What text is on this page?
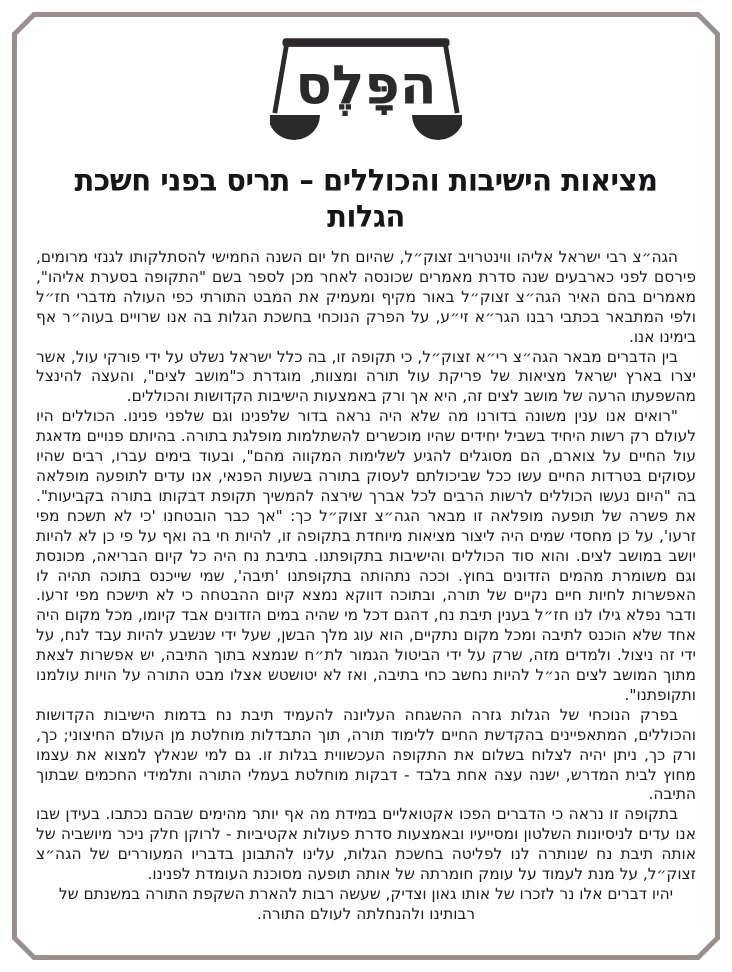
הפָּלֶס
מציאות הישיבות והכוללים – תריס בפני חשכת הגלות

הגה״צ רבי ישראל אליהו ווינטרויב זצוק״ל, שהיום חל יום השנה החמישי להסתלקותו לגנזי מרומים, פירסם לפני כארבעים שנה סדרת מאמרים שכונסה לאחר מכן לספר בשם "התקופה בסערת אליהו", מאמרים בהם האיר הגה״צ זצוק״ל באור מקיף ומעמיק את המבט התורתי כפי העולה מדברי חז״ל ולפי המתבאר בכתבי רבנו הגר״א זי״ע, על הפרק הנוכחי בחשכת הגלות בה אנו שרויים בעוה״ר אף בימינו אנו.

בין הדברים מבאר הגה״צ רי״א זצוק״ל, כי תקופה זו, בה כלל ישראל נשלט על ידי פורקי עול, אשר יצרו בארץ ישראל מציאות של פריקת עול תורה ומצוות, מוגדרת כ"מושב לצים", והעצה להינצל מהשפעתו הרעה של מושב לצים זה, היא אך ורק באמצעות הישיבות הקדושות והכוללים.

"רואים אנו ענין משונה בדורנו מה שלא היה נראה בדור שלפנינו וגם שלפני פנינו. הכוללים היו לעולם רק רשות היחיד בשביל יחידים שהיו מוכשרים להשתלמות מופלגת בתורה. בהיותם פנויים מדאגת עול החיים על צוארם, הם מסוגלים להגיע לשלימות המקווה מהם", ובעוד בימים עברו, רבים שהיו עסוקים בטרדות החיים עשו ככל שביכולתם לעסוק בתורה בשעות הפנאי, אנו עדים לתופעה מופלאה בה "היום נעשו הכוללים לרשות הרבים לכל אברך שירצה להמשיך תקופת דבקותו בתורה בקביעות". את פשרה של תופעה מופלאה זו מבאר הגה״צ זצוק״ל כך: "אך כבר הובטחנו 'כי לא תשכח מפי זרעו', על כן מחסדי שמים היה ליצור מציאות מיוחדת בתקופה זו, להיות חי בה ואף על פי כן לא להיות יושב במושב לצים. והוא סוד הכוללים והישיבות בתקופתנו. בתיבת נח היה כל קיום הבריאה, מכונסת וגם משומרת מהמים הזדונים בחוץ. וככה נתהותה בתקופתנו 'תיבה', שמי שייכנס בתוכה תהיה לו האפשרות לחיות חיים נקיים של תורה, ובתוכה דווקא נמצא קיום ההבטחה כי לא תישכח מפי זרעו. ודבר נפלא גילו לנו חז״ל בענין תיבת נח, דהגם דכל מי שהיה במים הזדונים אבד קיומו, מכל מקום היה אחד שלא הוכנס לתיבה ומכל מקום נתקיים, הוא עוג מלך הבשן, שעל ידי שנשבע להיות עבד לנח, על ידי זה ניצול. ולמדים מזה, שרק על ידי הביטול הגמור לת״ח שנמצא בתוך התיבה, יש אפשרות לצאת מתוך המושב לצים הנ״ל להיות נחשב כחי בתיבה, ואז לא יטושטש אצלו מבט התורה על הויות עולמנו ותקופתנו".

בפרק הנוכחי של הגלות גזרה ההשגחה העליונה להעמיד תיבת נח בדמות הישיבות הקדושות והכוללים, המתאפיינים בהקדשת החיים ללימוד תורה, תוך התבדלות מוחלטת מן העולם החיצוני; כך, ורק כך, ניתן יהיה לצלוח בשלום את התקופה העכשווית בגלות זו. גם למי שנאלץ למצוא את עצמו מחוץ לבית המדרש, ישנה עצה אחת בלבד - דבקות מוחלטת בעמלי התורה ותלמידי החכמים שבתוך התיבה.

בתקופה זו נראה כי הדברים הפכו אקטואליים במידת מה אף יותר מהימים שבהם נכתבו. בעידן שבו אנו עדים לניסיונות השלטון ומסייעיו ובאמצעות סדרת פעולות אקטיביות - לרוקן חלק ניכר מיושביה של אותה תיבת נח שנותרה לנו לפליטה בחשכת הגלות, עלינו להתבונן בדבריו המעוררים של הגה״צ זצוק״ל, על מנת לעמוד על עומק חומרתה של אותה תופעה מסוכנת העומדת לפנינו.

יהיו דברים אלו נר לזכרו של אותו גאון וצדיק, שעשה רבות להארת השקפת התורה במשנתם של רבותינו ולהנחלתה לעולם התורה.
